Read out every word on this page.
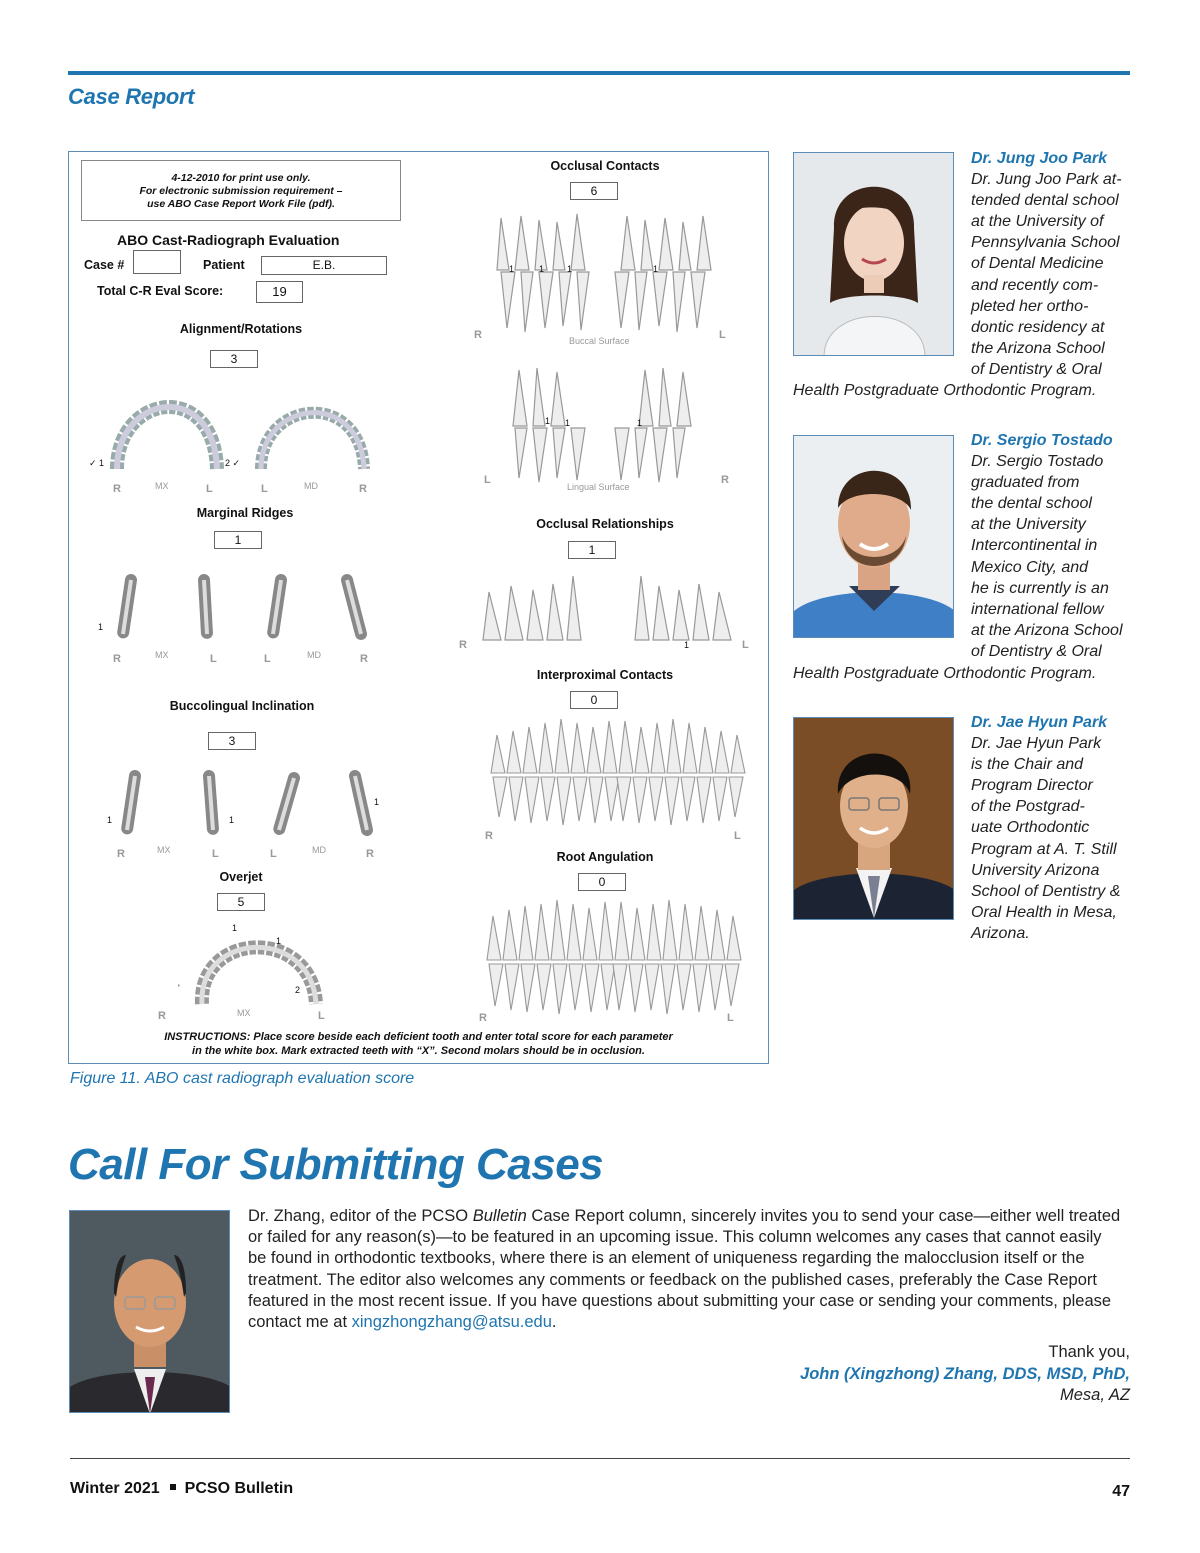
Case Report
4-12-2010 for print use only.
For electronic submission requirement –
use ABO Case Report Work File (pdf).
ABO Cast-Radiograph Evaluation
Case #	Patient	E.B.
Total C-R Eval Score:	19
Alignment/Rotations
3
Marginal Ridges
1
Buccolingual Inclination
3
Overjet
5
Occlusal Contacts
6
Occlusal Relationships
1
Interproximal Contacts
0
Root Angulation
0
✓ 1	2 ✓
R	MX	L	L	MD	R
1
R	MX	L	L	MD	R
1	1
1
R	MX	L	L	MD	R
1
1
'	2
R	MX	L
R	L
Buccal Surface
L	R
Lingual Surface
1	1	1	1
1 1	1
R	L
1
R	L
R	L
INSTRUCTIONS: Place score beside each deficient tooth and enter total score for each parameter
in the white box. Mark extracted teeth with “X”. Second molars should be in occlusion.
Figure 11. ABO cast radiograph evaluation score
Dr. Jung Joo Park
Dr. Jung Joo Park at-
tended dental school
at the University of
Pennsylvania School
of Dental Medicine
and recently com-
pleted her ortho-
dontic residency at
the Arizona School
of Dentistry & Oral
Health Postgraduate Orthodontic Program.
Dr. Sergio Tostado
Dr. Sergio Tostado
graduated from
the dental school
at the University
Intercontinental in
Mexico City, and
he is currently is an
international fellow
at the Arizona School
of Dentistry & Oral
Health Postgraduate Orthodontic Program.
Dr. Jae Hyun Park
Dr. Jae Hyun Park
is the Chair and
Program Director
of the Postgrad-
uate Orthodontic
Program at A. T. Still
University Arizona
School of Dentistry &
Oral Health in Mesa,
Arizona.
Call For Submitting Cases
Dr. Zhang, editor of the PCSO Bulletin Case Report column, sincerely invites you to send your case—either well treated
or failed for any reason(s)—to be featured in an upcoming issue. This column welcomes any cases that cannot easily
be found in orthodontic textbooks, where there is an element of uniqueness regarding the malocclusion itself or the
treatment. The editor also welcomes any comments or feedback on the published cases, preferably the Case Report
featured in the most recent issue. If you have questions about submitting your case or sending your comments, please
contact me at xingzhongzhang@atsu.edu.
Thank you,
John (Xingzhong) Zhang, DDS, MSD, PhD,
Mesa, AZ
Winter 2021 PCSO Bulletin	47
